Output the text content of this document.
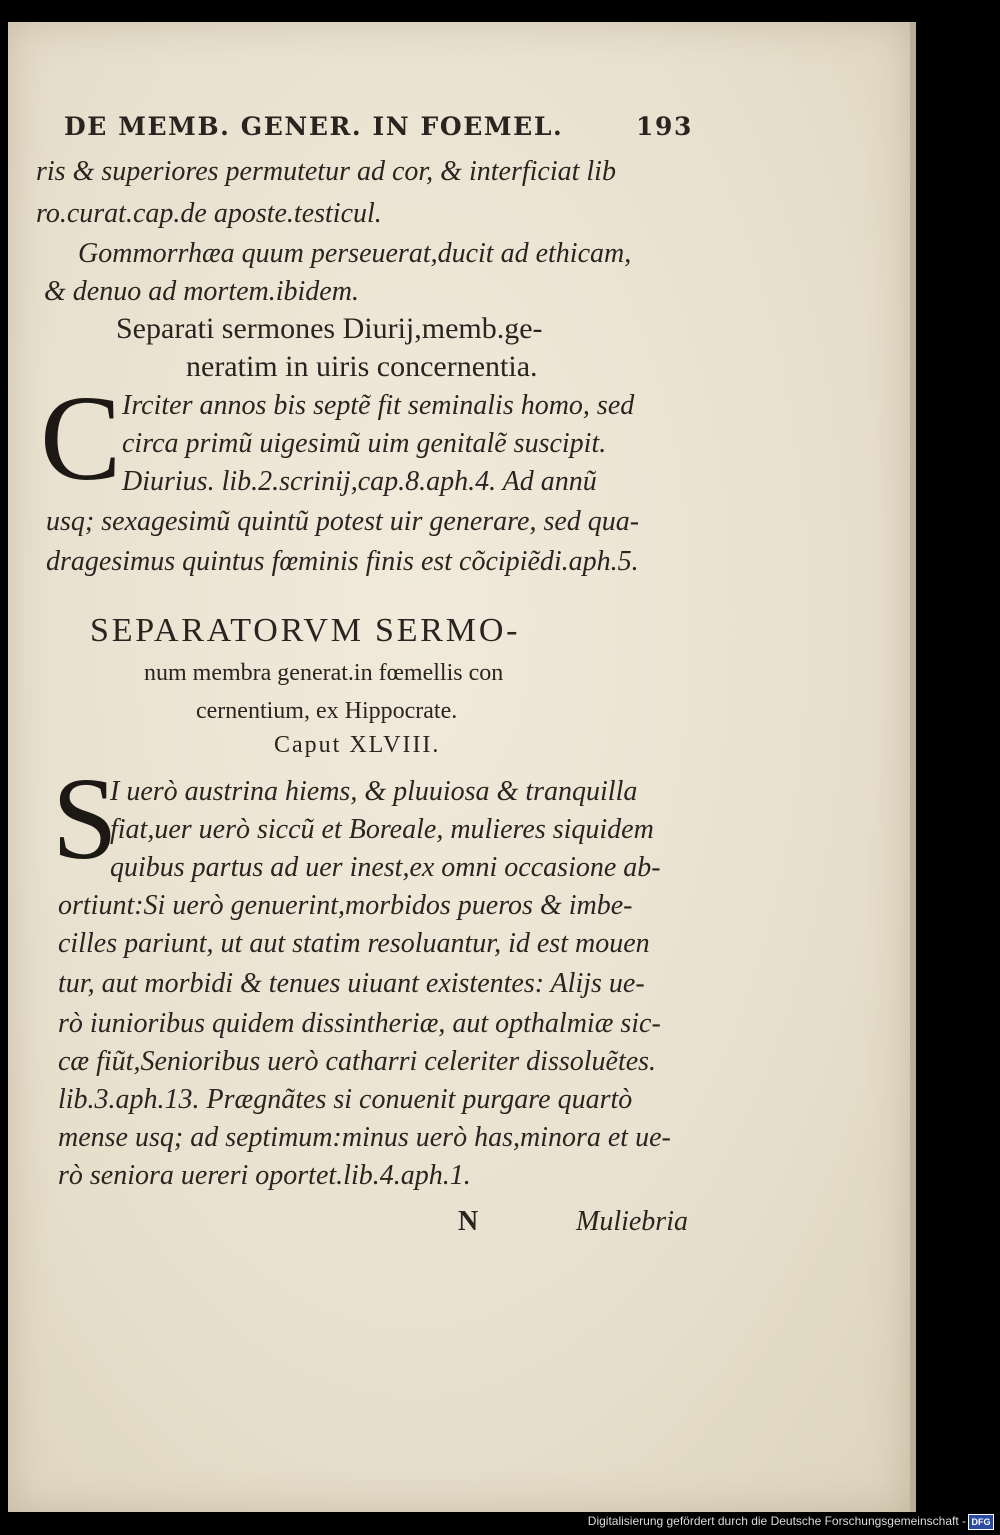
DE MEMB. GENER. IN FOEMEL.	193
ris & superiores permutetur ad cor, & interficiat lib
ro.curat.cap.de aposte.testicul.
Gommorrhæa quum perseuerat,ducit ad ethicam,
& denuo ad mortem.ibidem.
Separati sermones Diurij,memb.ge-
neratim in uiris concernentia.
C Irciter annos bis septẽ fit seminalis homo, sed
circa primũ uigesimũ uim genitalẽ suscipit.
Diurius. lib.2.scrinij,cap.8.aph.4. Ad annũ
usq; sexagesimũ quintũ potest uir generare, sed qua-
dragesimus quintus fœminis finis est cõcipiẽdi.aph.5.
SEPARATORVM SERMO-
num membra generat.in fœmellis con
cernentium, ex Hippocrate.
Caput XLVIII.
S
I uerò austrina hiems, & pluuiosa & tranquilla
fiat,uer uerò siccũ et Boreale, mulieres siquidem
quibus partus ad uer inest,ex omni occasione ab-
ortiunt:Si uerò genuerint,morbidos pueros & imbe-
cilles pariunt, ut aut statim resoluantur, id est mouen
tur, aut morbidi & tenues uiuant existentes: Alijs ue-
rò iunioribus quidem dissintheriæ, aut opthalmiæ sic-
cæ fiũt,Senioribus uerò catharri celeriter dissoluẽtes.
lib.3.aph.13. Prægnãtes si conuenit purgare quartò
mense usq; ad septimum:minus uerò has,minora et ue-
rò seniora uereri oportet.lib.4.aph.1.
N	Muliebria
Digitalisierung gefördert durch die Deutsche Forschungsgemeinschaft - DFG
